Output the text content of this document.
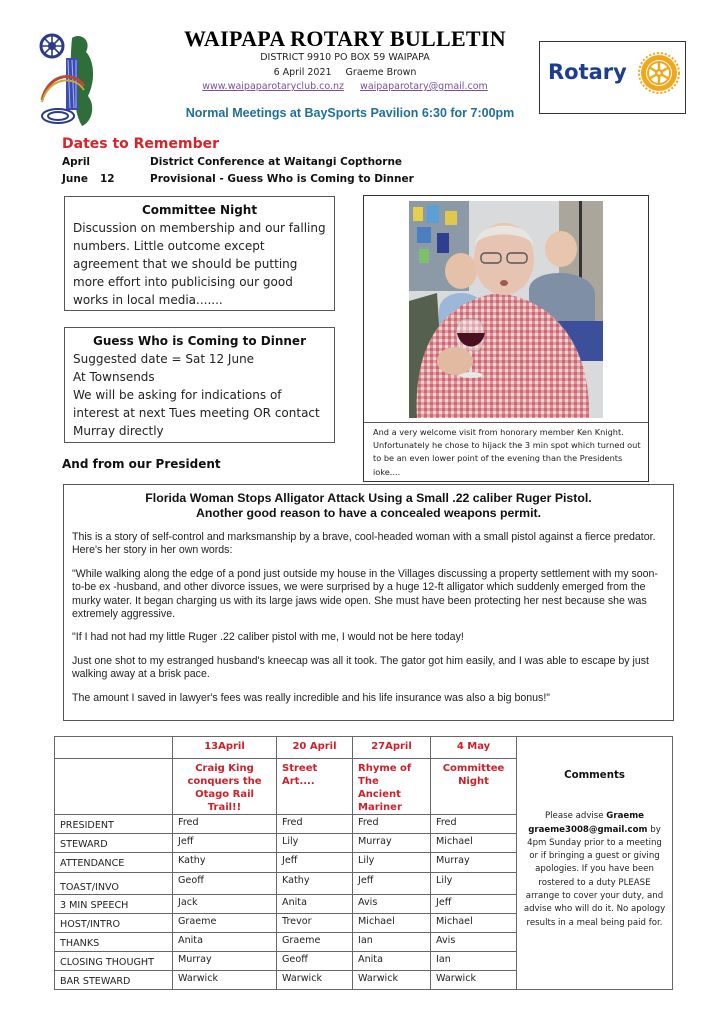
WAIPAPA ROTARY BULLETIN
DISTRICT 9910 PO BOX 59 WAIPAPA
6 April 2021 Graeme Brown
www.waipaparotaryclub.co.nz waipaparotary@gmail.com
Normal Meetings at BaySports Pavilion 6:30 for 7:00pm
Rotary
Dates to Remember
April	District Conference at Waitangi Copthorne
June 12	Provisional - Guess Who is Coming to Dinner
Committee Night

Discussion on membership and our falling numbers. Little outcome except agreement that we should be putting more effort into publicising our good works in local media.......

Guess Who is Coming to Dinner

Suggested date = Sat 12 June

At Townsends

We will be asking for indications of interest at next Tues meeting OR contact Murray directly

And from our President
And a very welcome visit from honorary member Ken Knight. Unfortunately he chose to hijack the 3 min spot which turned out to be an even lower point of the evening than the Presidents ioke....
Florida Woman Stops Alligator Attack Using a Small .22 caliber Ruger Pistol.
Another good reason to have a concealed weapons permit.

This is a story of self-control and marksmanship by a brave, cool-headed woman with a small pistol against a fierce predator. Here's her story in her own words:

"While walking along the edge of a pond just outside my house in the Villages discussing a property settlement with my soon-to-be ex -husband, and other divorce issues, we were surprised by a huge 12-ft alligator which suddenly emerged from the murky water. It began charging us with its large jaws wide open. She must have been protecting her nest because she was extremely aggressive.

"If I had not had my little Ruger .22 caliber pistol with me, I would not be here today!

Just one shot to my estranged husband's kneecap was all it took. The gator got him easily, and I was able to escape by just walking away at a brisk pace.

The amount I saved in lawyer's fees was really incredible and his life insurance was also a big bonus!"

	13April	20 April	27April	4 May	Comments
Please advise Graeme
graeme3008@gmail.com by 4pm Sunday prior to a meeting or if bringing a guest or giving apologies. If you have been rostered to a duty PLEASE arrange to cover your duty, and advise who will do it. No apology results in a meal being paid for.
	Craig King conquers the Otago Rail Trail!!	Street Art....	Rhyme of The Ancient Mariner	Committee Night	
PRESIDENT	Fred	Fred	Fred	Fred	
STEWARD	Jeff	Lily	Murray	Michael	
ATTENDANCE	Kathy	Jeff	Lily	Murray	
TOAST/INVO	Geoff	Kathy	Jeff	Lily	
3 MIN SPEECH	Jack	Anita	Avis	Jeff	
HOST/INTRO	Graeme	Trevor	Michael	Michael	
THANKS	Anita	Graeme	Ian	Avis	
CLOSING THOUGHT	Murray	Geoff	Anita	Ian	
BAR STEWARD	Warwick	Warwick	Warwick	Warwick	
